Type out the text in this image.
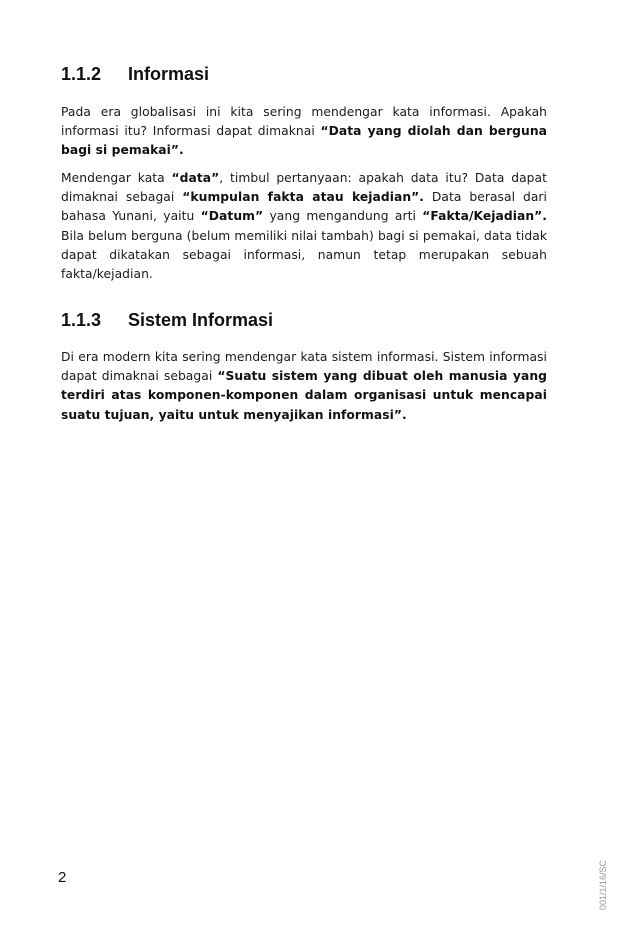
1.1.2 Informasi
Pada era globalisasi ini kita sering mendengar kata informasi. Apakah informasi itu? Informasi dapat dimaknai “Data yang diolah dan berguna bagi si pemakai”.
Mendengar kata “data”, timbul pertanyaan: apakah data itu? Data dapat dimaknai sebagai “kumpulan fakta atau kejadian”. Data berasal dari bahasa Yunani, yaitu “Datum” yang mengandung arti “Fakta/Kejadian”. Bila belum berguna (belum memiliki nilai tambah) bagi si pemakai, data tidak dapat dikatakan sebagai informasi, namun tetap merupakan sebuah fakta/kejadian.
1.1.3 Sistem Informasi
Di era modern kita sering mendengar kata sistem informasi. Sistem informasi dapat dimaknai sebagai “Suatu sistem yang dibuat oleh manusia yang terdiri atas komponen-komponen dalam organisasi untuk mencapai suatu tujuan, yaitu untuk menyajikan informasi”.
2	001/1/16/SC
